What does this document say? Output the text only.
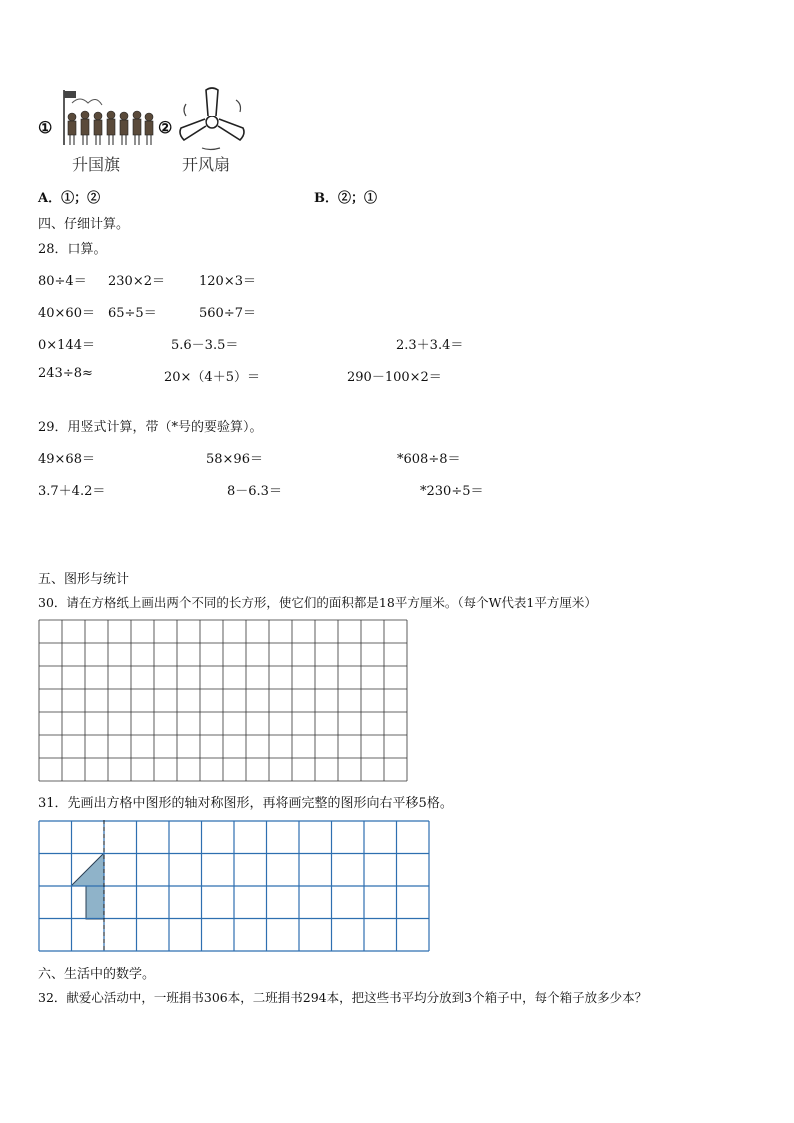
①
升国旗
②
开风扇
A．①；②	B．②；①
四、仔细计算。
28．口算。
80÷4＝ 230×2＝	120×3＝
40×60＝ 65÷5＝	560÷7＝
0×144＝	5.6－3.5＝	2.3＋3.4＝
243÷8≈	20×（4＋5）＝	290－100×2＝
29．用竖式计算，带（*号的要验算）。
49×68＝	58×96＝	*608÷8＝
3.7＋4.2＝	8－6.3＝	*230÷5＝
五、图形与统计
30．请在方格纸上画出两个不同的长方形，使它们的面积都是18平方厘米。（每个W代表1平方厘米）
31．先画出方格中图形的轴对称图形，再将画完整的图形向右平移5格。
六、生活中的数学。
32．献爱心活动中，一班捐书306本，二班捐书294本，把这些书平均分放到3个箱子中，每个箱子放多少本？
